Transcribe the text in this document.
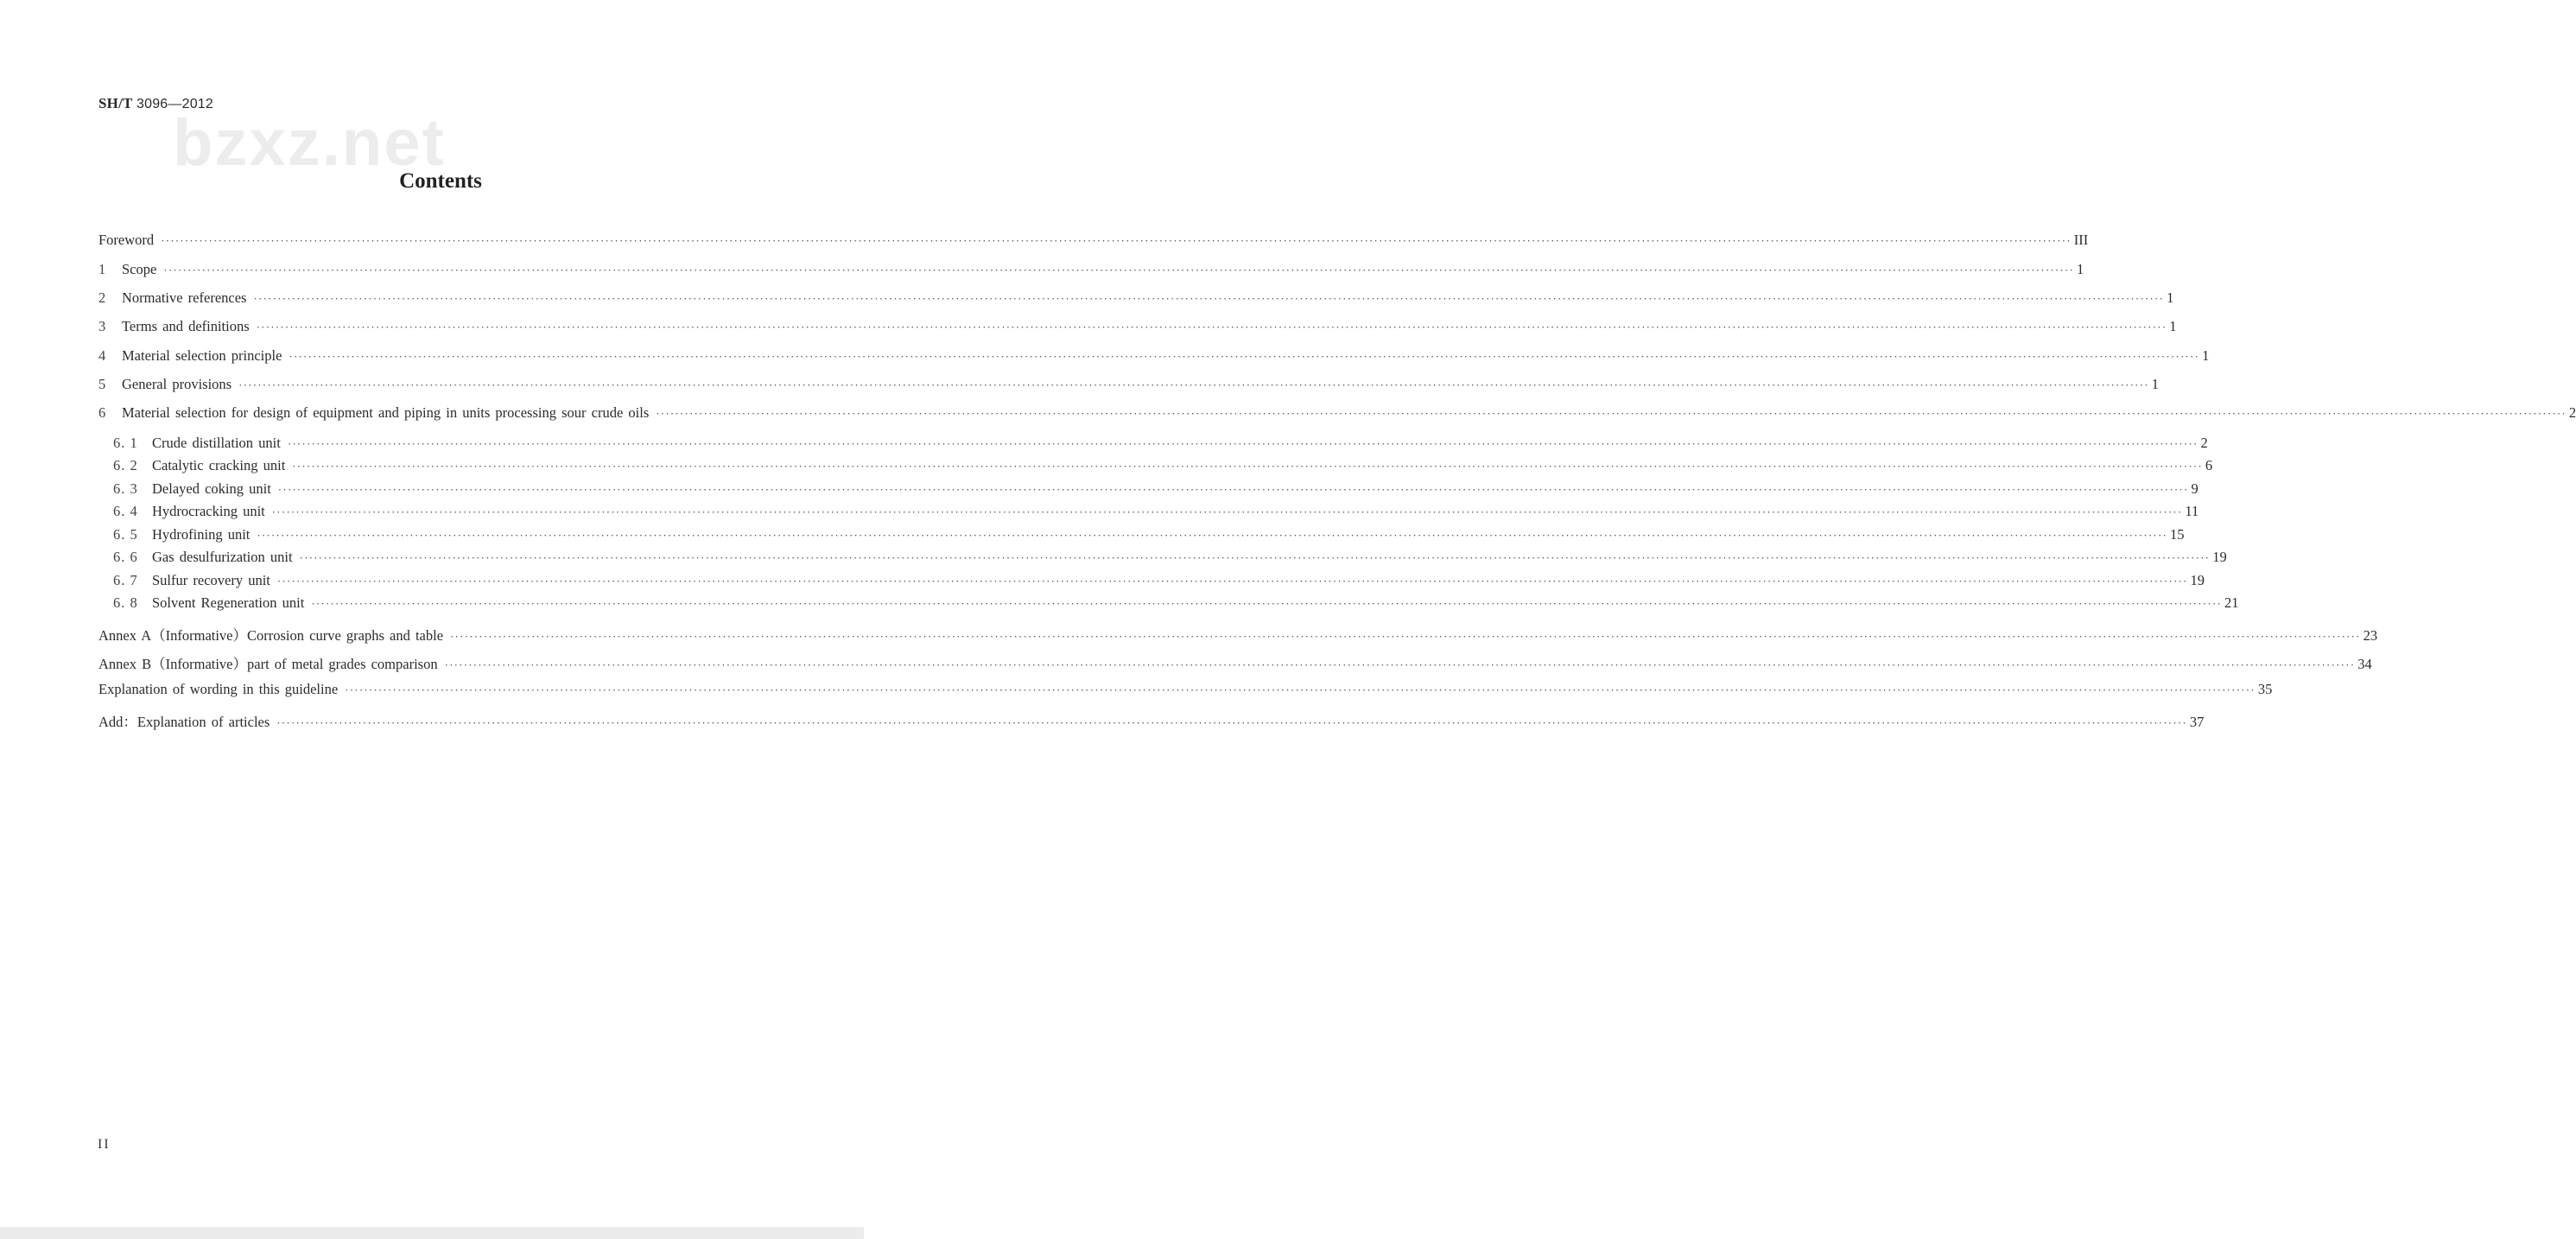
SH/T 3096—2012
bzxz.net
Contents
Foreword ················································································································································································································································································································································································································ III
1	Scope ················································································································································································································································································································································································································ 1
2	Normative references ················································································································································································································································································································································································································ 1
3	Terms and definitions ················································································································································································································································································································································································································ 1
4	Material selection principle ················································································································································································································································································································································································································ 1
5	General provisions ················································································································································································································································································································································································································ 1
6	Material selection for design of equipment and piping in units processing sour crude oils ················································································································································································································································································································································································································ 2
6. 1 Crude distillation unit ················································································································································································································································································································································································································ 2
6. 2 Catalytic cracking unit ················································································································································································································································································································································································································ 6
6. 3 Delayed coking unit ················································································································································································································································································································································································································ 9
6. 4 Hydrocracking unit ················································································································································································································································································································································································································ 11
6. 5 Hydrofining unit ················································································································································································································································································································································································································ 15
6. 6 Gas desulfurization unit ················································································································································································································································································································································································································ 19
6. 7 Sulfur recovery unit ················································································································································································································································································································································································································ 19
6. 8 Solvent Regeneration unit ················································································································································································································································································································································································································ 21
Annex A（Informative）Corrosion curve graphs and table ················································································································································································································································································································································································································ 23
Annex B（Informative）part of metal grades comparison ················································································································································································································································································································································································································ 34
Explanation of wording in this guideline ················································································································································································································································································································································································································ 35
Add：Explanation of articles ················································································································································································································································································································································································································ 37
II
